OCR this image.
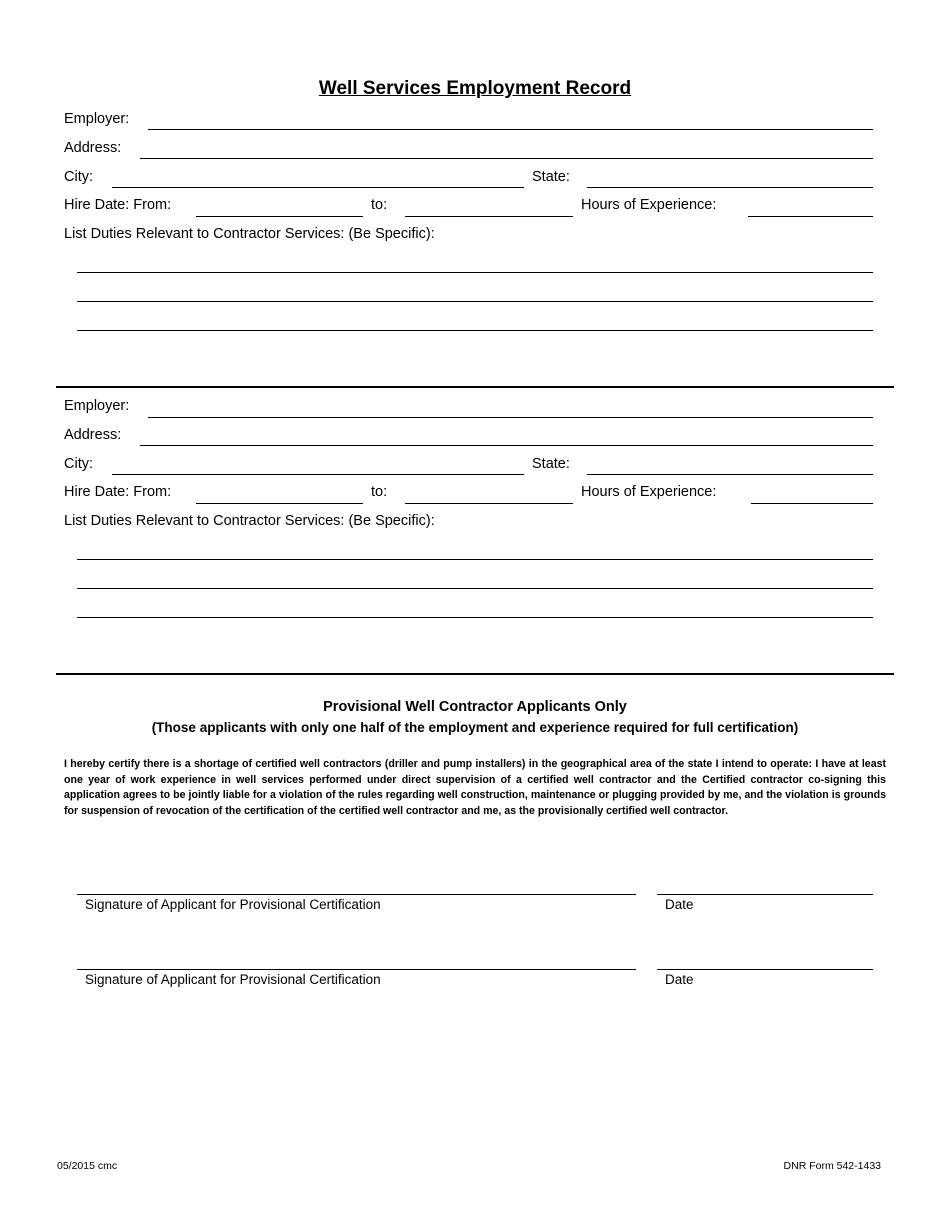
Well Services Employment Record
Employer:
Address:
City:	State:
Hire Date: From:	to:	Hours of Experience:
List Duties Relevant to Contractor Services: (Be Specific):
Employer:
Address:
City:	State:
Hire Date: From:	to:	Hours of Experience:
List Duties Relevant to Contractor Services: (Be Specific):
Provisional Well Contractor Applicants Only
(Those applicants with only one half of the employment and experience required for full certification)
I hereby certify there is a shortage of certified well contractors (driller and pump installers) in the geographical area of the state I intend to operate: I have at least one year of work experience in well services performed under direct supervision of a certified well contractor and the Certified contractor co-signing this application agrees to be jointly liable for a violation of the rules regarding well construction, maintenance or plugging provided by me, and the violation is grounds for suspension of revocation of the certification of the certified well contractor and me, as the provisionally certified well contractor.
Signature of Applicant for Provisional Certification	Date
Signature of Applicant for Provisional Certification	Date
05/2015 cmc	DNR Form 542-1433
